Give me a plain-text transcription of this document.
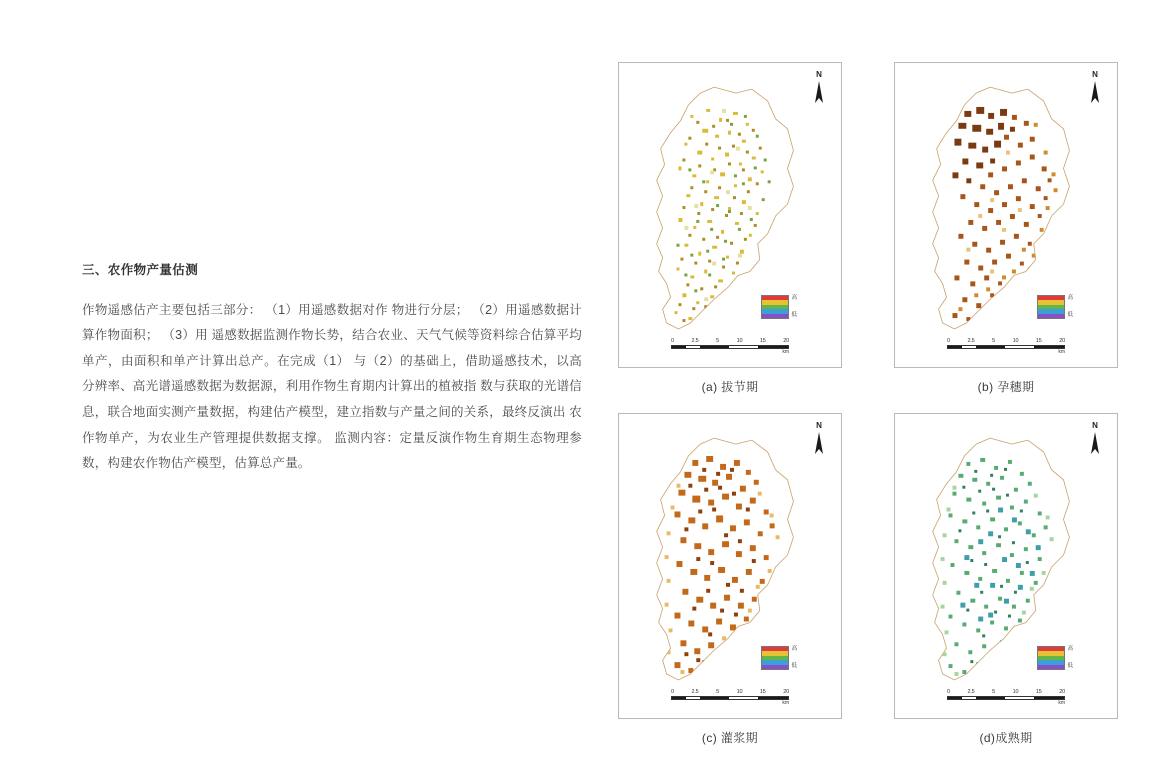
三、农作物产量估测

作物遥感估产主要包括三部分： （1）用遥感数据对作 物进行分层； （2）用遥感数据计算作物面积； （3）用 遥感数据监测作物长势，结合农业、天气气候等资料综合估算平均单产，由面积和单产计算出总产。在完成（1） 与（2）的基础上，借助遥感技术，以高分辨率、高光谱遥感数据为数据源，利用作物生育期内计算出的植被指 数与获取的光谱信息，联合地面实测产量数据，构建估产模型，建立指数与产量之间的关系，最终反演出 农作物单产，为农业生产管理提供数据支撑。 监测内容：定量反演作物生育期生态物理参数，构建农作物估产模型，估算总产量。

N
高
低
0	2.5	5	10	15	20
km
(a) 拔节期
N
高
低
0	2.5	5	10	15	20
km
(b) 孕穗期
N
高
低
0	2.5	5	10	15	20
km
(c) 灌浆期
N
高
低
0	2.5	5	10	15	20
km
(d)成熟期
